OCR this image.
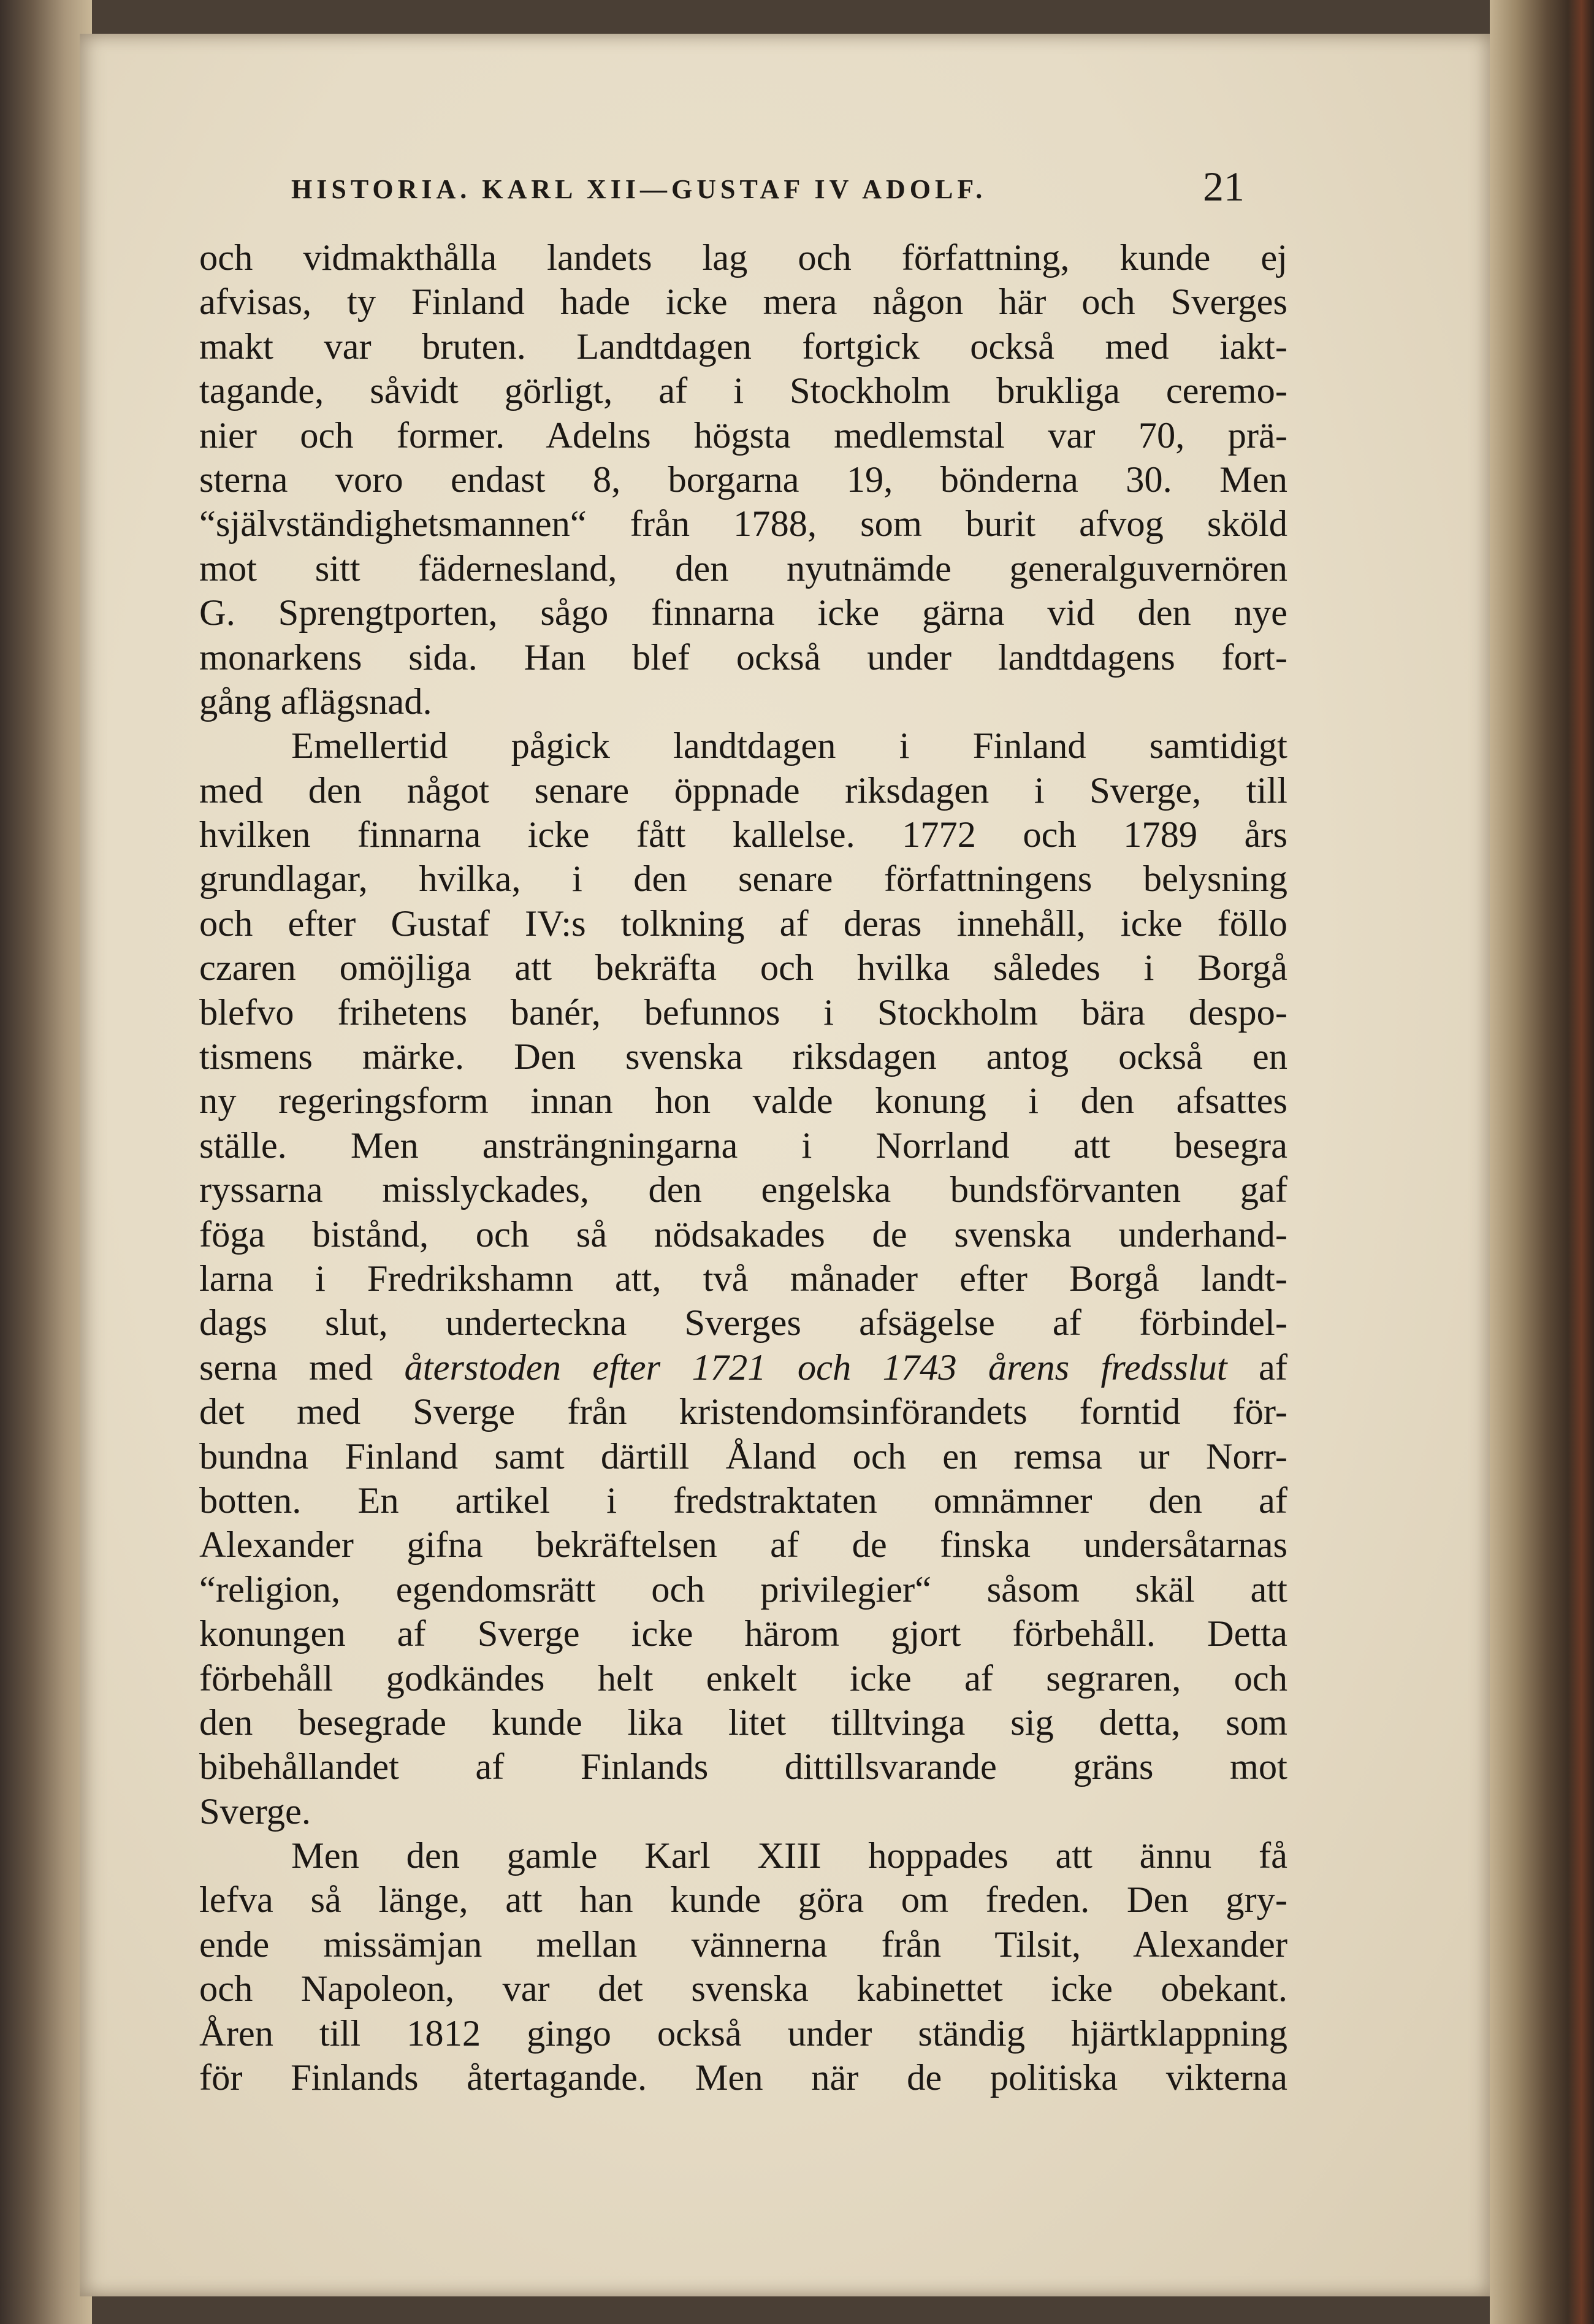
HISTORIA. KARL XII—GUSTAF IV ADOLF.	21
och vidmakthålla landets lag och författning, kunde ej
afvisas, ty Finland hade icke mera någon här och Sverges
makt var bruten. Landtdagen fortgick också med iakt-
tagande, såvidt görligt, af i Stockholm brukliga ceremo-
nier och former. Adelns högsta medlemstal var 70, prä-
sterna voro endast 8, borgarna 19, bönderna 30. Men
“självständighetsmannen“ från 1788, som burit afvog sköld
mot sitt fädernesland, den nyutnämde generalguvernören
G. Sprengtporten, sågo finnarna icke gärna vid den nye
monarkens sida. Han blef också under landtdagens fort-
gång aflägsnad.
Emellertid pågick landtdagen i Finland samtidigt
med den något senare öppnade riksdagen i Sverge, till
hvilken finnarna icke fått kallelse. 1772 och 1789 års
grundlagar, hvilka, i den senare författningens belysning
och efter Gustaf IV:s tolkning af deras innehåll, icke föllo
czaren omöjliga att bekräfta och hvilka således i Borgå
blefvo frihetens banér, befunnos i Stockholm bära despo-
tismens märke. Den svenska riksdagen antog också en
ny regeringsform innan hon valde konung i den afsattes
ställe. Men ansträngningarna i Norrland att besegra
ryssarna misslyckades, den engelska bundsförvanten gaf
föga bistånd, och så nödsakades de svenska underhand-
larna i Fredrikshamn att, två månader efter Borgå landt-
dags slut, underteckna Sverges afsägelse af förbindel-
serna med återstoden efter 1721 och 1743 årens fredsslut af
det med Sverge från kristendomsinförandets forntid för-
bundna Finland samt därtill Åland och en remsa ur Norr-
botten. En artikel i fredstraktaten omnämner den af
Alexander gifna bekräftelsen af de finska undersåtarnas
“religion, egendomsrätt och privilegier“ såsom skäl att
konungen af Sverge icke härom gjort förbehåll. Detta
förbehåll godkändes helt enkelt icke af segraren, och
den besegrade kunde lika litet tilltvinga sig detta, som
bibehållandet af Finlands dittillsvarande gräns mot
Sverge.
Men den gamle Karl XIII hoppades att ännu få
lefva så länge, att han kunde göra om freden. Den gry-
ende missämjan mellan vännerna från Tilsit, Alexander
och Napoleon, var det svenska kabinettet icke obekant.
Åren till 1812 gingo också under ständig hjärtklappning
för Finlands återtagande. Men när de politiska vikterna
